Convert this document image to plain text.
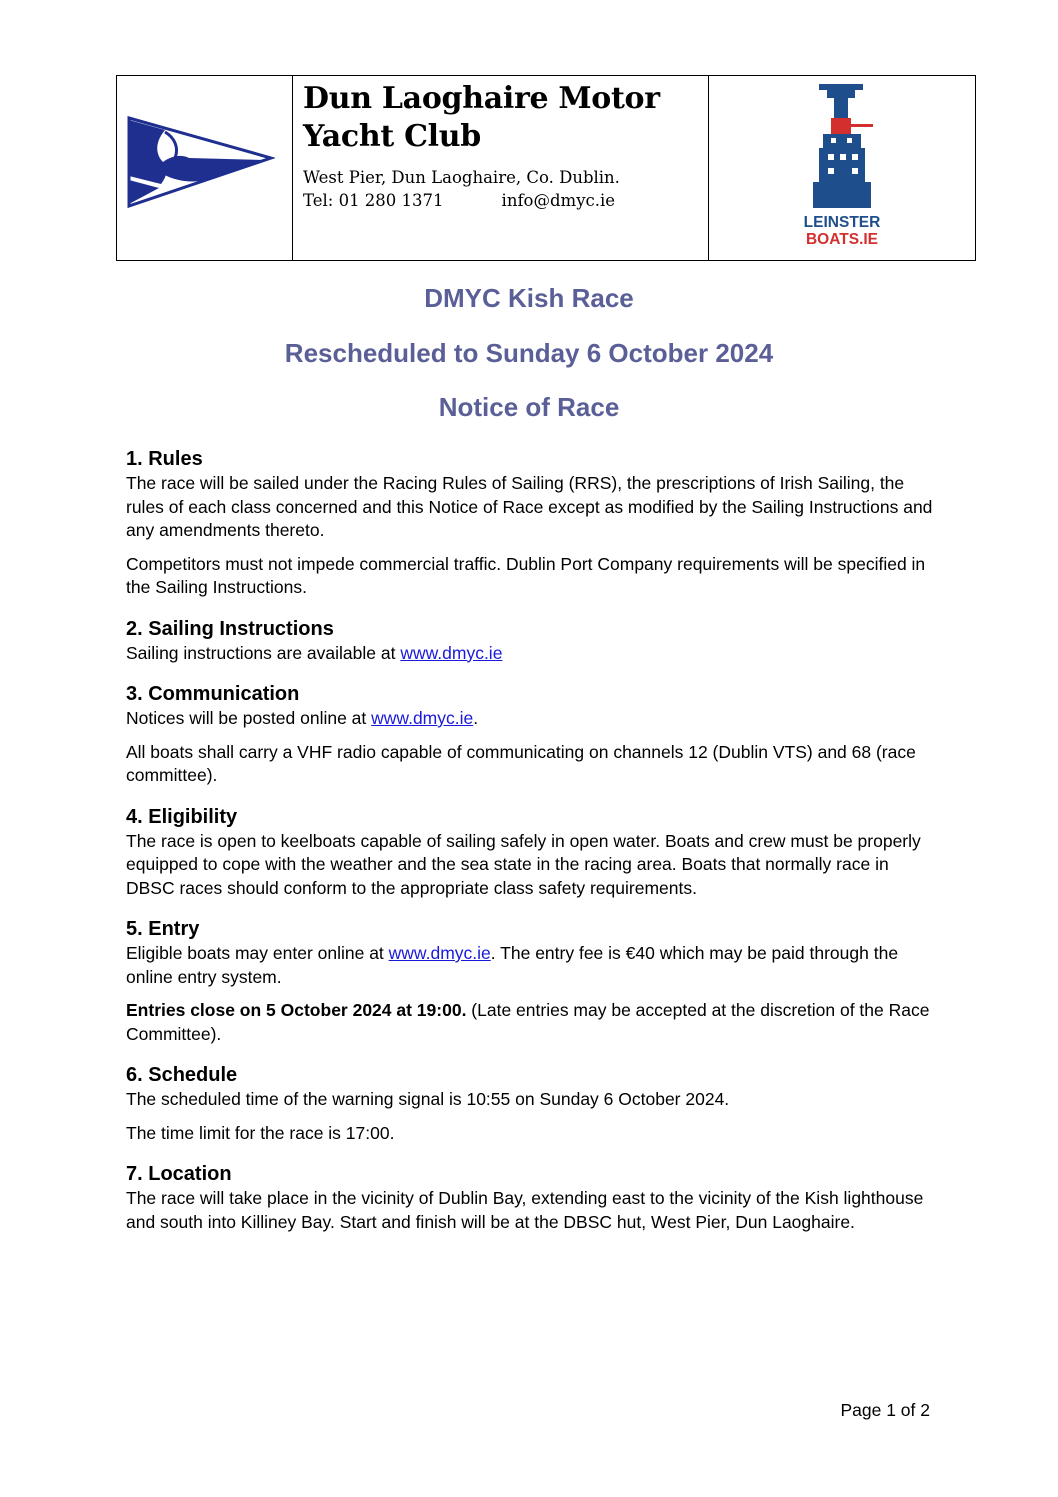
Dun Laoghaire Motor

Yacht Club

West Pier, Dun Laoghaire, Co. Dublin.

Tel: 01 280 1371	info@dmyc.ie

LEINSTER
BOATS.IE
DMYC Kish Race
Rescheduled to Sunday 6 October 2024
Notice of Race
1. Rules

The race will be sailed under the Racing Rules of Sailing (RRS), the prescriptions of Irish Sailing, the rules of each class concerned and this Notice of Race except as modified by the Sailing Instructions and any amendments thereto.

Competitors must not impede commercial traffic. Dublin Port Company requirements will be specified in the Sailing Instructions.

2. Sailing Instructions

Sailing instructions are available at www.dmyc.ie

3. Communication

Notices will be posted online at www.dmyc.ie.

All boats shall carry a VHF radio capable of communicating on channels 12 (Dublin VTS) and 68 (race committee).

4. Eligibility

The race is open to keelboats capable of sailing safely in open water. Boats and crew must be properly equipped to cope with the weather and the sea state in the racing area. Boats that normally race in DBSC races should conform to the appropriate class safety requirements.

5. Entry

Eligible boats may enter online at www.dmyc.ie. The entry fee is €40 which may be paid through the online entry system.

Entries close on 5 October 2024 at 19:00. (Late entries may be accepted at the discretion of the Race Committee).

6. Schedule

The scheduled time of the warning signal is 10:55 on Sunday 6 October 2024.

The time limit for the race is 17:00.

7. Location

The race will take place in the vicinity of Dublin Bay, extending east to the vicinity of the Kish lighthouse and south into Killiney Bay. Start and finish will be at the DBSC hut, West Pier, Dun Laoghaire.

Page 1 of 2
